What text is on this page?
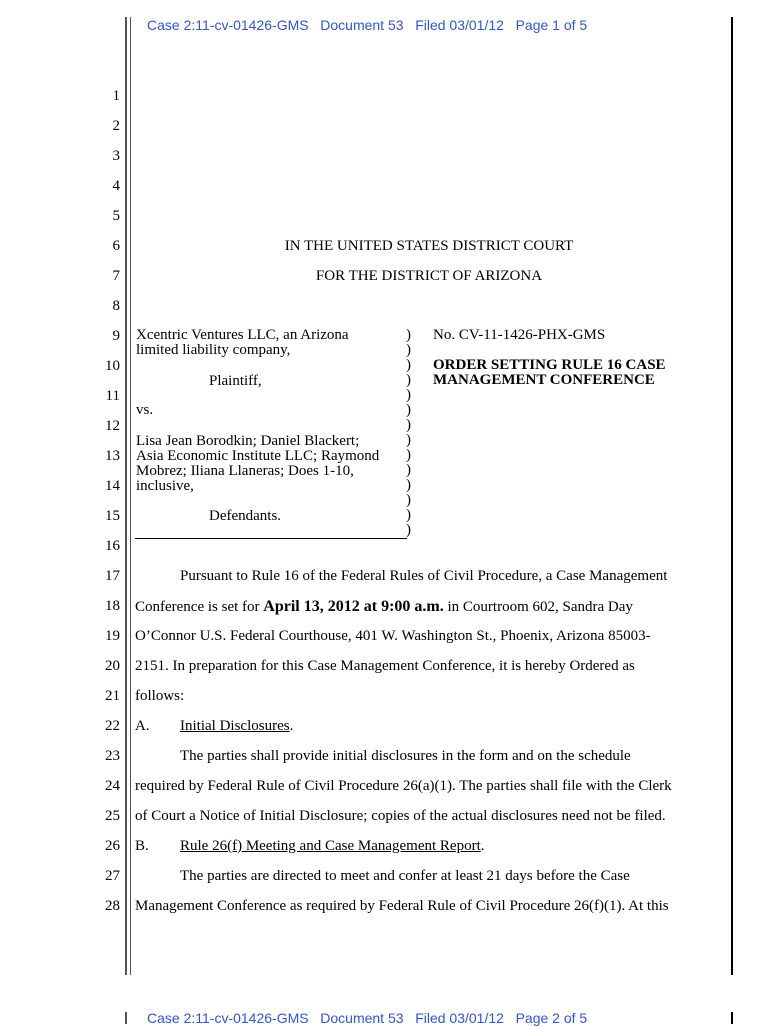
Case 2:11-cv-01426-GMS   Document 53   Filed 03/01/12   Page 1 of 5
1
2
3
4
5
6
7
8
9
10
11
12
13
14
15
16
17
18
19
20
21
22
23
24
25
26
27
28
IN THE UNITED STATES DISTRICT COURT
FOR THE DISTRICT OF ARIZONA
Xcentric Ventures LLC, an Arizona
limited liability company,
Plaintiff,
vs.
Lisa Jean Borodkin; Daniel Blackert;
Asia Economic Institute LLC; Raymond
Mobrez; Iliana Llaneras; Does 1-10,
inclusive,
Defendants.
)
)
)
)
)
)
)
)
)
)
)
)
)
)
No. CV-11-1426-PHX-GMS
ORDER SETTING RULE 16 CASE
MANAGEMENT CONFERENCE
Pursuant to Rule 16 of the Federal Rules of Civil Procedure, a Case Management
Conference is set for April 13, 2012 at 9:00 a.m. in Courtroom 602, Sandra Day
O’Connor U.S. Federal Courthouse, 401 W. Washington St., Phoenix, Arizona 85003-
2151. In preparation for this Case Management Conference, it is hereby Ordered as
follows:
A. Initial Disclosures.
The parties shall provide initial disclosures in the form and on the schedule
required by Federal Rule of Civil Procedure 26(a)(1). The parties shall file with the Clerk
of Court a Notice of Initial Disclosure; copies of the actual disclosures need not be filed.
B. Rule 26(f) Meeting and Case Management Report.
The parties are directed to meet and confer at least 21 days before the Case
Management Conference as required by Federal Rule of Civil Procedure 26(f)(1). At this
Case 2:11-cv-01426-GMS   Document 53   Filed 03/01/12   Page 2 of 5
